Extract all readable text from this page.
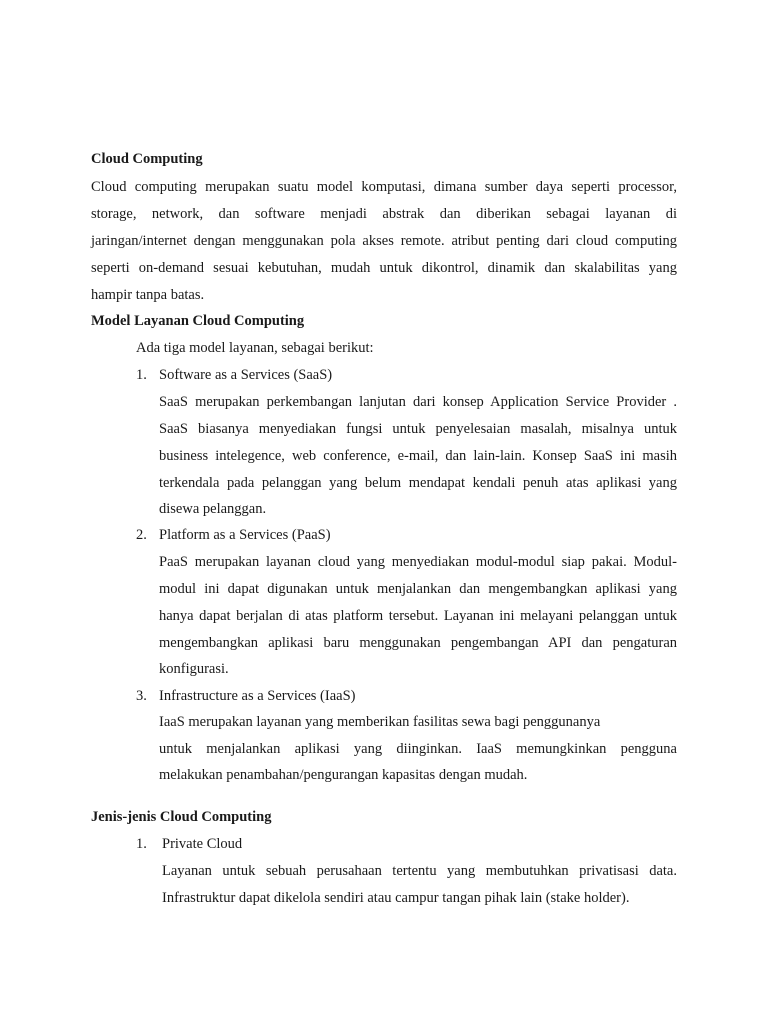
Cloud Computing
Cloud computing merupakan suatu model komputasi, dimana sumber daya seperti processor,
storage, network, dan software menjadi abstrak dan diberikan sebagai layanan di
jaringan/internet dengan menggunakan pola akses remote. atribut penting dari cloud computing
seperti on-demand sesuai kebutuhan, mudah untuk dikontrol, dinamik dan skalabilitas yang
hampir tanpa batas.
Model Layanan Cloud Computing
Ada tiga model layanan, sebagai berikut:
1. Software as a Services (SaaS)
SaaS merupakan perkembangan lanjutan dari konsep Application Service Provider .
SaaS biasanya menyediakan fungsi untuk penyelesaian masalah, misalnya untuk
business intelegence, web conference, e-mail, dan lain-lain. Konsep SaaS ini masih
terkendala pada pelanggan yang belum mendapat kendali penuh atas aplikasi yang
disewa pelanggan.
2. Platform as a Services (PaaS)
PaaS merupakan layanan cloud yang menyediakan modul-modul siap pakai. Modul-
modul ini dapat digunakan untuk menjalankan dan mengembangkan aplikasi yang
hanya dapat berjalan di atas platform tersebut. Layanan ini melayani pelanggan untuk
mengembangkan aplikasi baru menggunakan pengembangan API dan pengaturan
konfigurasi.
3. Infrastructure as a Services (IaaS)
IaaS merupakan layanan yang memberikan fasilitas sewa bagi penggunanya
untuk menjalankan aplikasi yang diinginkan. IaaS memungkinkan pengguna
melakukan penambahan/pengurangan kapasitas dengan mudah.
Jenis-jenis Cloud Computing
1. Private Cloud
Layanan untuk sebuah perusahaan tertentu yang membutuhkan privatisasi data.
Infrastruktur dapat dikelola sendiri atau campur tangan pihak lain (stake holder).
